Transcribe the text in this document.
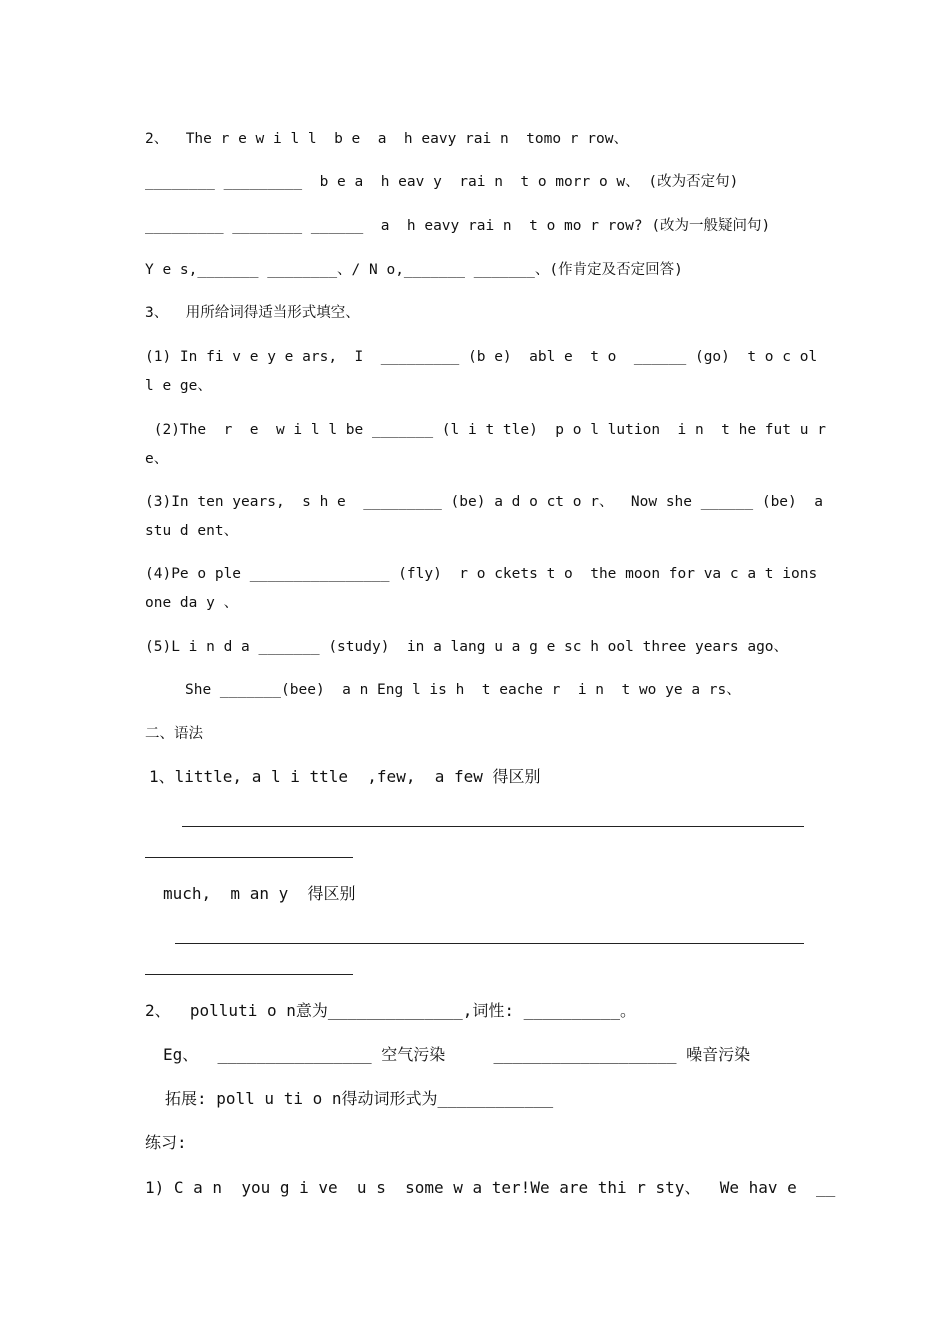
2、  The r e w i l l  b e  a  h eavy rai n  tomo r row、
________ _________  b e a  h eav y  rai n  t o morr o w、 (改为否定句)
_________ ________ ______  a  h eavy rai n  t o mo r row? (改为一般疑问句)
Y e s,_______ ________、/ N o,_______ _______、(作肯定及否定回答)
3、  用所给词得适当形式填空、
(1) In fi v e y e ars,  I  _________ (b e)  abl e  t o  ______ (go)  t o c ol
l e ge、
(2)The  r  e  w i l l be _______ (l i t tle)  p o l lution  i n  t he fut u r
e、
(3)In ten years,  s h e  _________ (be) a d o ct o r、  Now she ______ (be)  a
stu d ent、
(4)Pe o ple ________________ (fly)  r o ckets t o  the moon for va c a t ions
one da y 、
(5)L i n d a _______ (study)  in a lang u a g e sc h ool three years ago、
She _______(bee)  a n Eng l is h  t eache r  i n  t wo ye a rs、
二、语法
1、little, a l i ttle  ,few,  a few 得区别
much,  m an y  得区别
2、  polluti o n意为______________,词性: __________。
Eg、  ________________ 空气污染     ___________________ 噪音污染
拓展: poll u ti o n得动词形式为____________
练习:
1) C a n  you g i ve  u s  some w a ter!We are thi r sty、  We hav e  __
